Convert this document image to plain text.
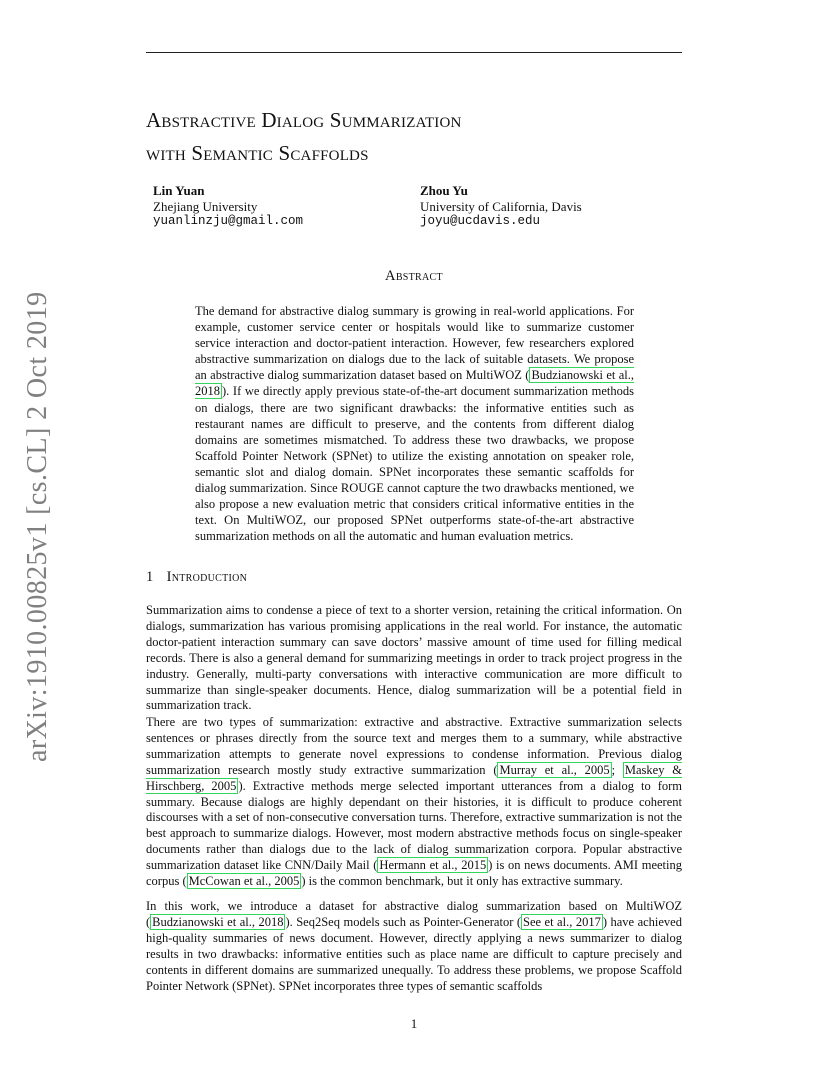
arXiv:1910.00825v1 [cs.CL] 2 Oct 2019
Abstractive Dialog Summarization
with Semantic Scaffolds
Lin Yuan
Zhejiang University
yuanlinzju@gmail.com
Zhou Yu
University of California, Davis
joyu@ucdavis.edu
Abstract
The demand for abstractive dialog summary is growing in real-world applications. For example, customer service center or hospitals would like to summarize customer service interaction and doctor-patient interaction. However, few researchers explored abstractive summarization on dialogs due to the lack of suitable datasets. We propose an abstractive dialog summarization dataset based on MultiWOZ ( Budzianowski et al., 2018 ). If we directly apply previous state-of-the-art document summarization methods on dialogs, there are two significant drawbacks: the informative entities such as restaurant names are difficult to preserve, and the contents from different dialog domains are sometimes mismatched. To address these two drawbacks, we propose Scaffold Pointer Network (SPNet) to utilize the existing annotation on speaker role, semantic slot and dialog domain. SPNet incorporates these semantic scaffolds for dialog summarization. Since ROUGE cannot capture the two drawbacks mentioned, we also propose a new evaluation metric that considers critical informative entities in the text. On MultiWOZ, our proposed SPNet outperforms state-of-the-art abstractive summarization methods on all the automatic and human evaluation metrics.
1 Introduction

Summarization aims to condense a piece of text to a shorter version, retaining the critical information. On dialogs, summarization has various promising applications in the real world. For instance, the automatic doctor-patient interaction summary can save doctors’ massive amount of time used for filling medical records. There is also a general demand for summarizing meetings in order to track project progress in the industry. Generally, multi-party conversations with interactive communication are more difficult to summarize than single-speaker documents. Hence, dialog summarization will be a potential field in summarization track.

There are two types of summarization: extractive and abstractive. Extractive summarization selects sentences or phrases directly from the source text and merges them to a summary, while abstractive summarization attempts to generate novel expressions to condense information. Previous dialog summarization research mostly study extractive summarization ( Murray et al., 2005 ; Maskey & Hirschberg, 2005 ). Extractive methods merge selected important utterances from a dialog to form summary. Because dialogs are highly dependant on their histories, it is difficult to produce coherent discourses with a set of non-consecutive conversation turns. Therefore, extractive summarization is not the best approach to summarize dialogs. However, most modern abstractive methods focus on single-speaker documents rather than dialogs due to the lack of dialog summarization corpora. Popular abstractive summarization dataset like CNN/Daily Mail ( Hermann et al., 2015 ) is on news documents. AMI meeting corpus ( McCowan et al., 2005 ) is the common benchmark, but it only has extractive summary.

In this work, we introduce a dataset for abstractive dialog summarization based on MultiWOZ ( Budzianowski et al., 2018 ). Seq2Seq models such as Pointer-Generator ( See et al., 2017 ) have achieved high-quality summaries of news document. However, directly applying a news summarizer to dialog results in two drawbacks: informative entities such as place name are difficult to capture precisely and contents in different domains are summarized unequally. To address these problems, we propose Scaffold Pointer Network (SPNet). SPNet incorporates three types of semantic scaffolds

1
